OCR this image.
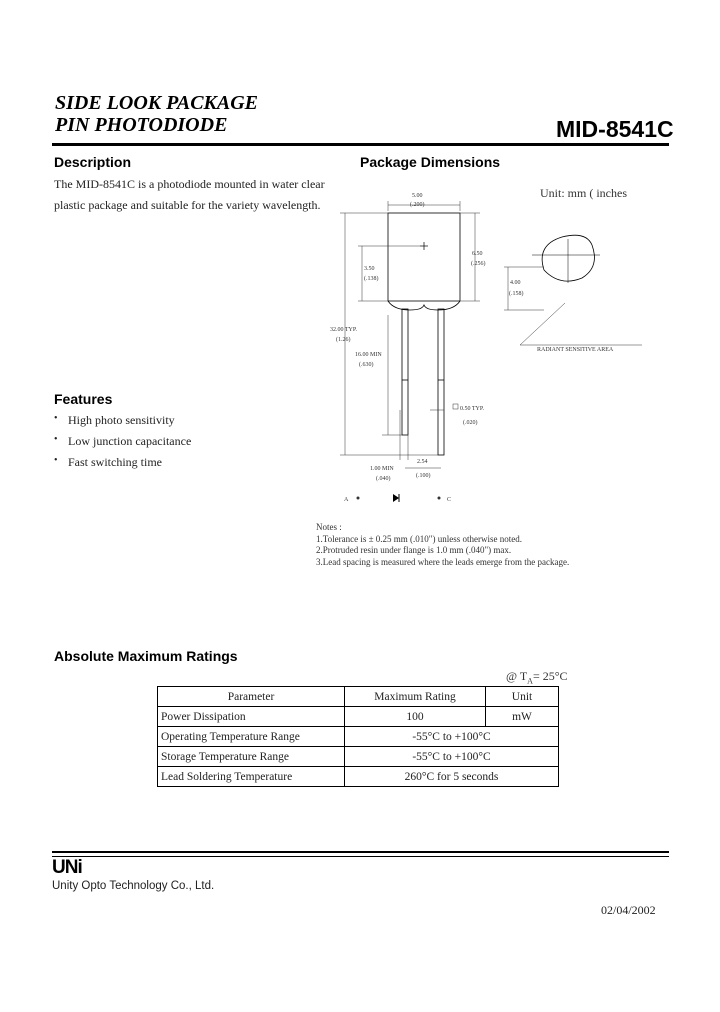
SIDE LOOK PACKAGE
PIN PHOTODIODE	MID-8541C
Description
The MID-8541C is a photodiode mounted in water clear
plastic package and suitable for the variety wavelength.
Package Dimensions
Unit: mm ( inches
5.00
(.200)
6.50
(.256)
3.50
(.138)
32.00 TYP.
(1.26)
16.00 MIN
(.630)
1.00 MIN
(.040)
2.54
(.100)
0.50 TYP.
(.020)
4.00
(.158)
RADIANT SENSITIVE AREA
A	C
Notes :
1.Tolerance is ± 0.25 mm (.010") unless otherwise noted.
2.Protruded resin under flange is 1.0 mm (.040") max.
3.Lead spacing is measured where the leads emerge from the package.
Features
• High photo sensitivity
• Low junction capacitance
• Fast switching time
Absolute Maximum Ratings
@ $T_A= 25^\circ C$
Parameter	Maximum Rating	Unit
Power Dissipation	100	mW
Operating Temperature Range	-55°C to +100°C	
Storage Temperature Range	-55°C to +100°C	
Lead Soldering Temperature	260°C for 5 seconds	
UNi
Unity Opto Technology Co., Ltd.
02/04/2002
